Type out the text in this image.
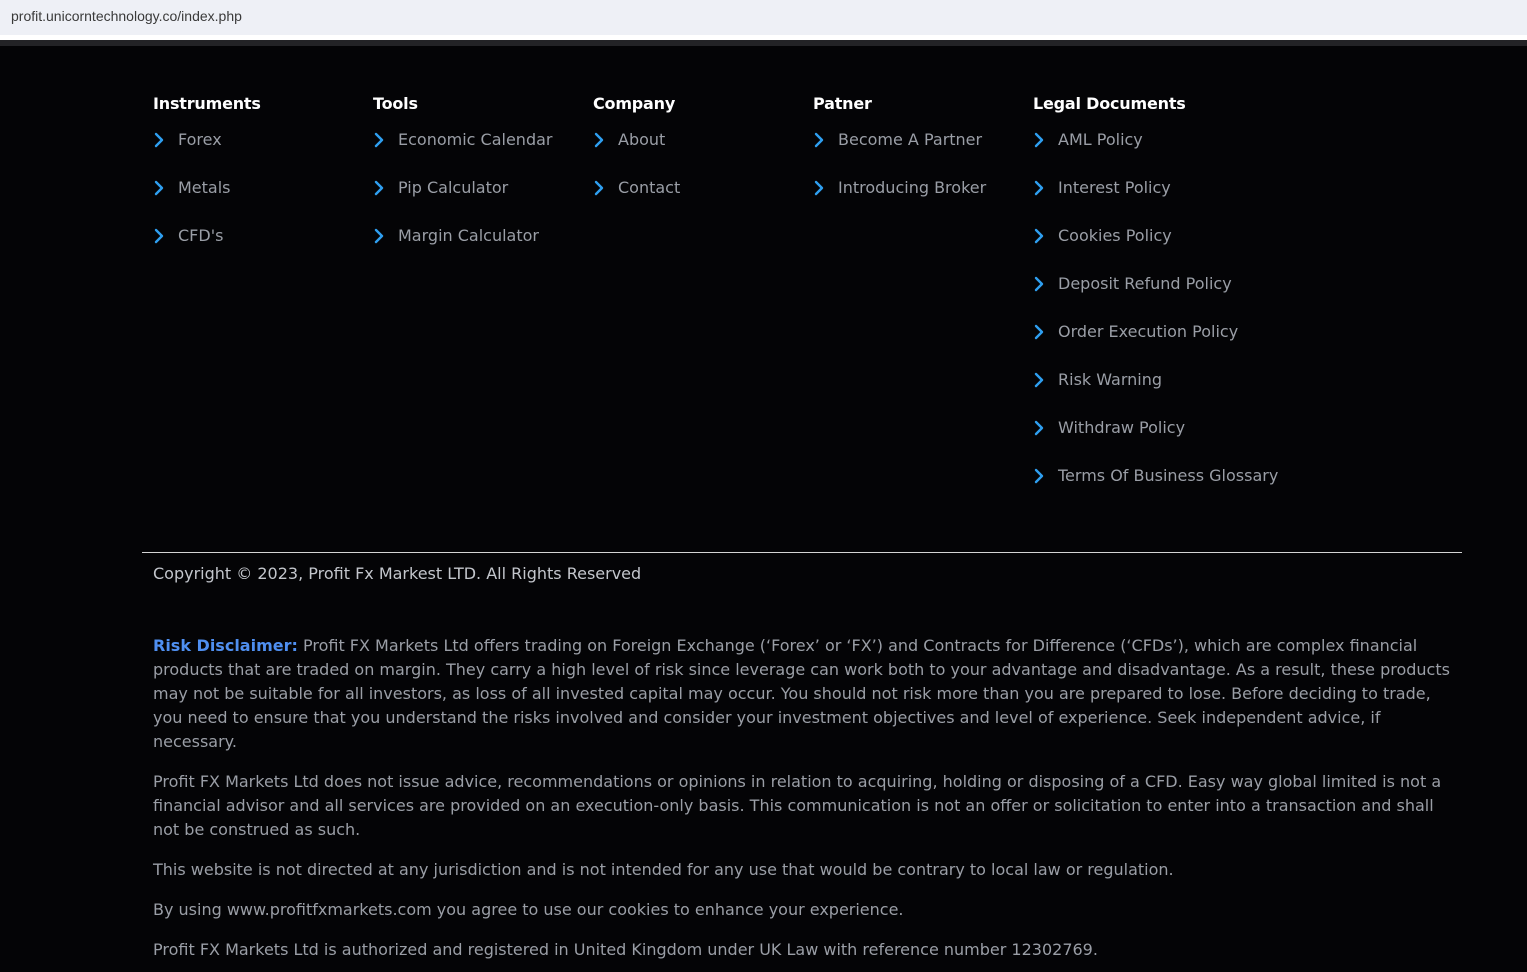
profit.unicorntechnology.co/index.php
Instruments
Forex
Metals
CFD's
Tools
Economic Calendar
Pip Calculator
Margin Calculator
Company
About
Contact
Patner
Become A Partner
Introducing Broker
Legal Documents
AML Policy
Interest Policy
Cookies Policy
Deposit Refund Policy
Order Execution Policy
Risk Warning
Withdraw Policy
Terms Of Business Glossary
Copyright © 2023, Profit Fx Markest LTD. All Rights Reserved

Risk Disclaimer: Profit FX Markets Ltd offers trading on Foreign Exchange (‘Forex’ or ‘FX’) and Contracts for Difference (‘CFDs’), which are complex financial products that are traded on margin. They carry a high level of risk since leverage can work both to your advantage and disadvantage. As a result, these products may not be suitable for all investors, as loss of all invested capital may occur. You should not risk more than you are prepared to lose. Before deciding to trade, you need to ensure that you understand the risks involved and consider your investment objectives and level of experience. Seek independent advice, if necessary.

Profit FX Markets Ltd does not issue advice, recommendations or opinions in relation to acquiring, holding or disposing of a CFD. Easy way global limited is not a financial advisor and all services are provided on an execution-only basis. This communication is not an offer or solicitation to enter into a transaction and shall not be construed as such.

This website is not directed at any jurisdiction and is not intended for any use that would be contrary to local law or regulation.

By using www.profitfxmarkets.com you agree to use our cookies to enhance your experience.

Profit FX Markets Ltd is authorized and registered in United Kingdom under UK Law with reference number 12302769.
